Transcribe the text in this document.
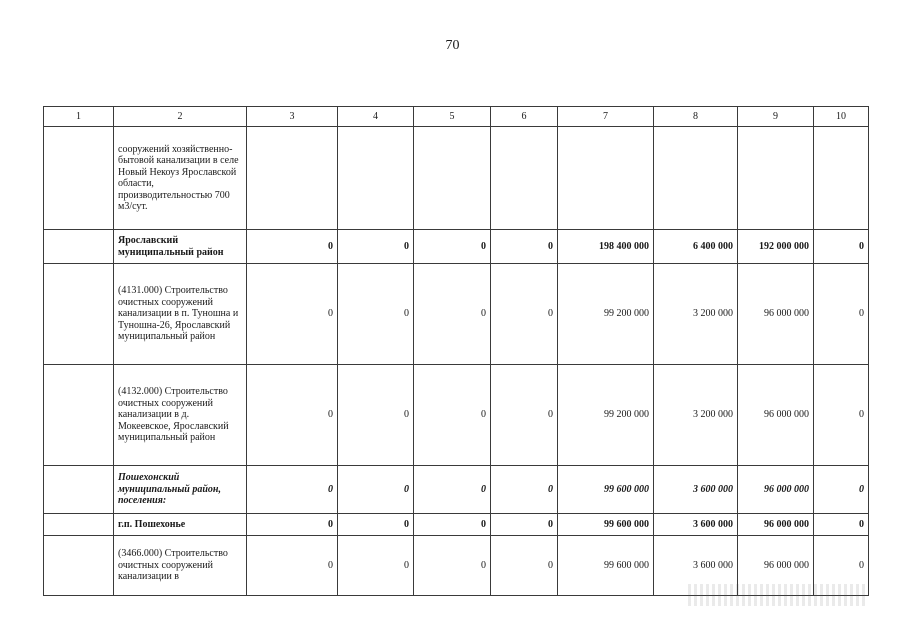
70
1	2	3	4	5	6	7	8	9	10
	сооружений хозяйственно-бытовой канализации в селе Новый Некоуз Ярославской области, производительностью 700 м3/сут.								
	Ярославский муниципальный район	0	0	0	0	198 400 000	6 400 000	192 000 000	0
	(4131.000) Строительство очистных сооружений канализации в п. Туношна и Туношна-26, Ярославский муниципальный район	0	0	0	0	99 200 000	3 200 000	96 000 000	0
	(4132.000) Строительство очистных сооружений канализации в д. Мокеевское, Ярославский муниципальный район	0	0	0	0	99 200 000	3 200 000	96 000 000	0
	Пошехонский муниципальный район, поселения:	0	0	0	0	99 600 000	3 600 000	96 000 000	0
	г.п. Пошехонье	0	0	0	0	99 600 000	3 600 000	96 000 000	0
	(3466.000) Строительство очистных сооружений канализации в	0	0	0	0	99 600 000	3 600 000	96 000 000	0
